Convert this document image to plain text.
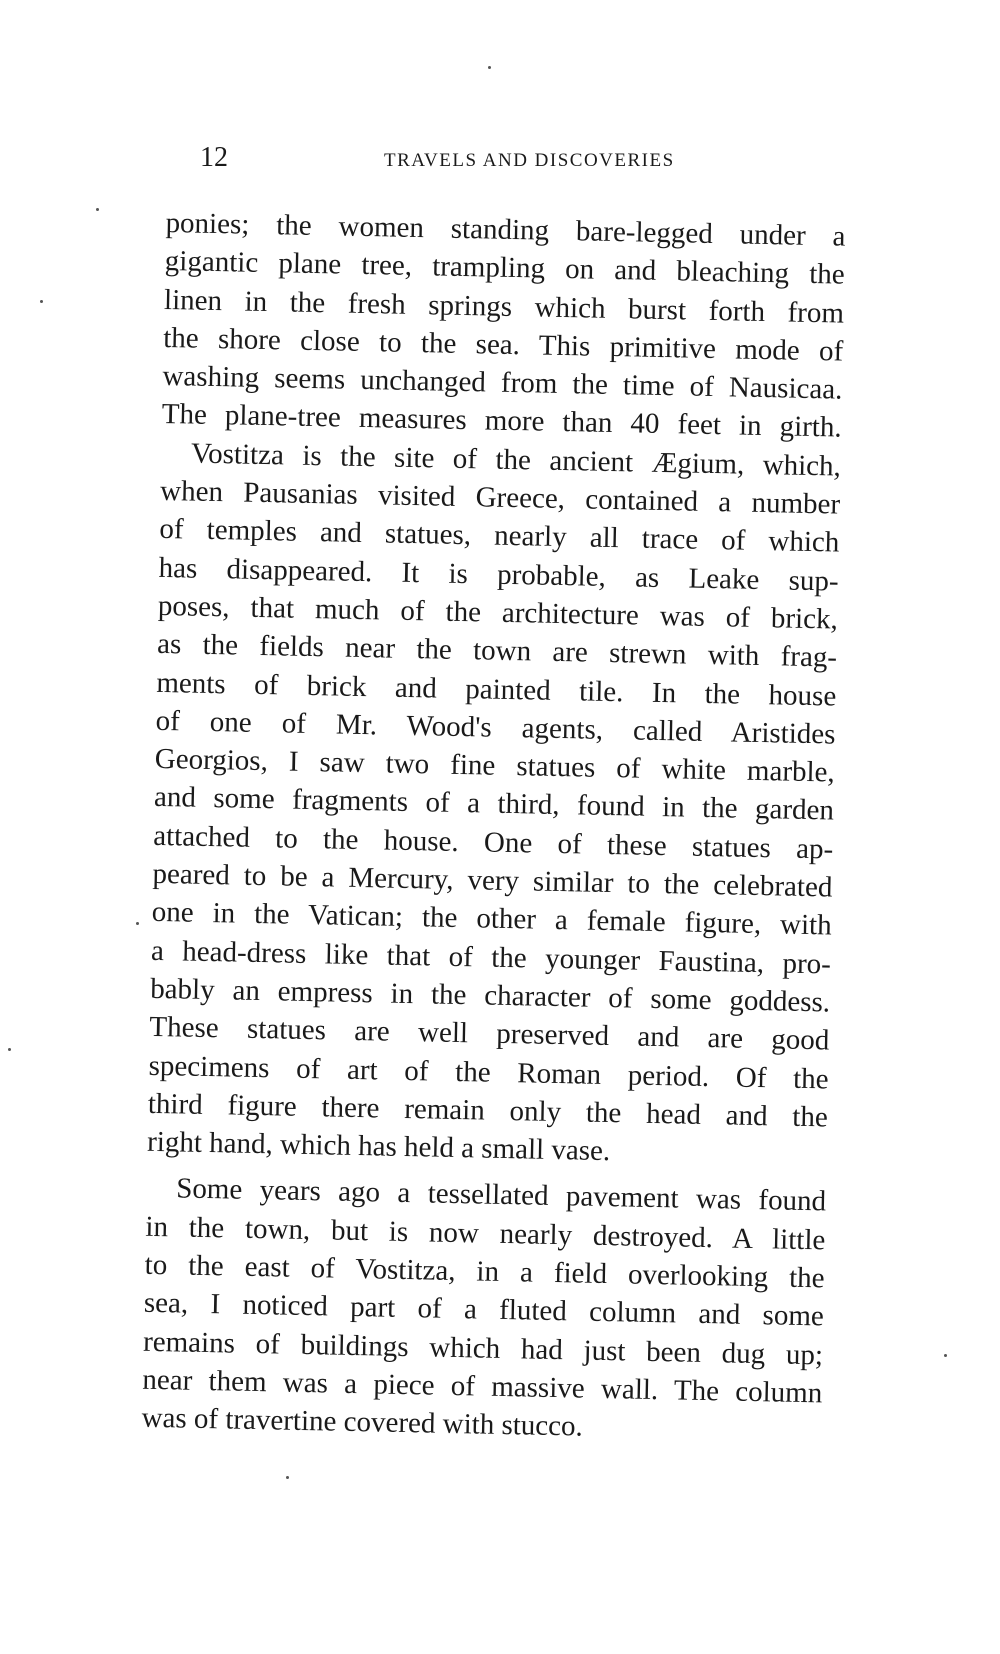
12	TRAVELS AND DISCOVERIES
ponies; the women standing bare-legged under a
gigantic plane tree, trampling on and bleaching the
linen in the fresh springs which burst forth from
the shore close to the sea. This primitive mode of
washing seems unchanged from the time of Nausicaa.
The plane-tree measures more than 40 feet in girth.
Vostitza is the site of the ancient Ægium, which,
when Pausanias visited Greece, contained a number
of temples and statues, nearly all trace of which
has disappeared. It is probable, as Leake sup-
poses, that much of the architecture was of brick,
as the fields near the town are strewn with frag-
ments of brick and painted tile. In the house
of one of Mr. Wood's agents, called Aristides
Georgios, I saw two fine statues of white marble,
and some fragments of a third, found in the garden
attached to the house. One of these statues ap-
peared to be a Mercury, very similar to the celebrated
one in the Vatican; the other a female figure, with
a head-dress like that of the younger Faustina, pro-
bably an empress in the character of some goddess.
These statues are well preserved and are good
specimens of art of the Roman period. Of the
third figure there remain only the head and the
right hand, which has held a small vase.
Some years ago a tessellated pavement was found
in the town, but is now nearly destroyed. A little
to the east of Vostitza, in a field overlooking the
sea, I noticed part of a fluted column and some
remains of buildings which had just been dug up;
near them was a piece of massive wall. The column
was of travertine covered with stucco.
